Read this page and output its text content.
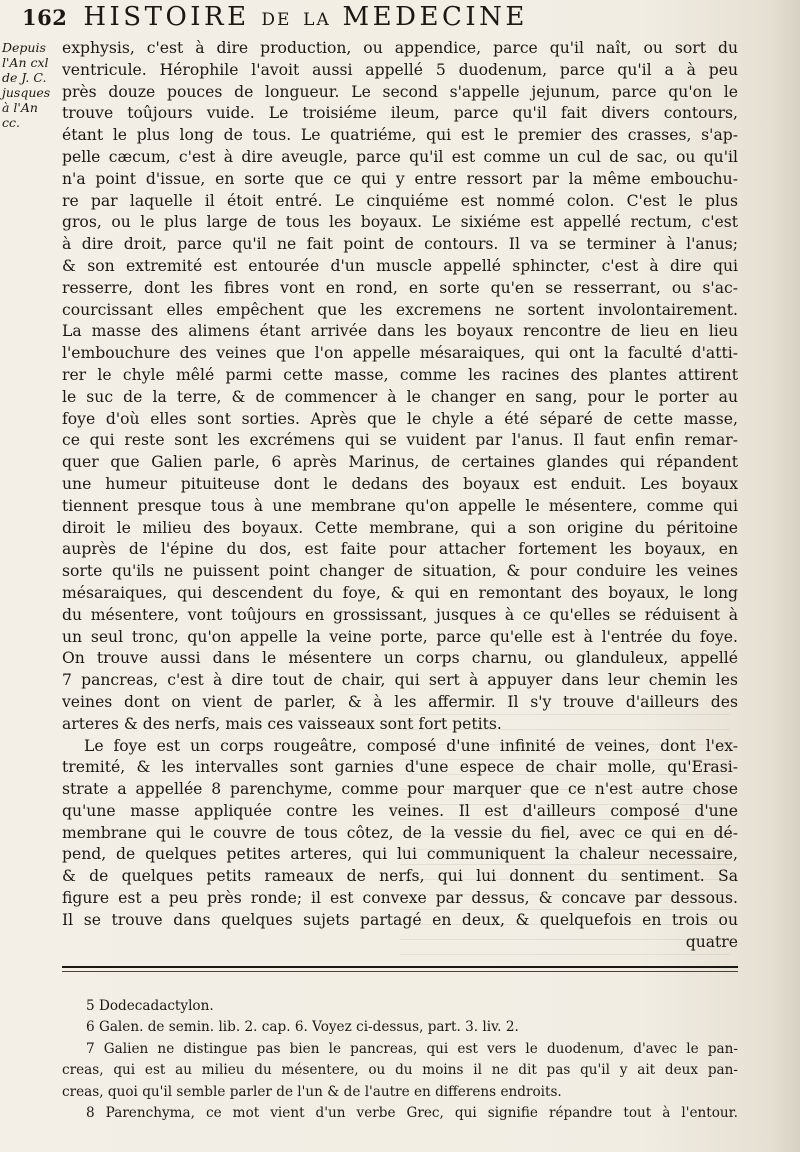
162 HISTOIRE DE LA MEDECINE
Depuis
l'An cxl
de J. C.
jusques
à l'An
cc.
exphysis, c'est à dire production, ou appendice, parce qu'il naît, ou sort du
ventricule. Hérophile l'avoit aussi appellé 5 duodenum, parce qu'il a à peu
près douze pouces de longueur. Le second s'appelle jejunum, parce qu'on le
trouve toûjours vuide. Le troisiéme ileum, parce qu'il fait divers contours,
étant le plus long de tous. Le quatriéme, qui est le premier des crasses, s'ap-
pelle cæcum, c'est à dire aveugle, parce qu'il est comme un cul de sac, ou qu'il
n'a point d'issue, en sorte que ce qui y entre ressort par la même embouchu-
re par laquelle il étoit entré. Le cinquiéme est nommé colon. C'est le plus
gros, ou le plus large de tous les boyaux. Le sixiéme est appellé rectum, c'est
à dire droit, parce qu'il ne fait point de contours. Il va se terminer à l'anus;
& son extremité est entourée d'un muscle appellé sphincter, c'est à dire qui
resserre, dont les fibres vont en rond, en sorte qu'en se resserrant, ou s'ac-
courcissant elles empêchent que les excremens ne sortent involontairement.
La masse des alimens étant arrivée dans les boyaux rencontre de lieu en lieu
l'embouchure des veines que l'on appelle mésaraiques, qui ont la faculté d'atti-
rer le chyle mêlé parmi cette masse, comme les racines des plantes attirent
le suc de la terre, & de commencer à le changer en sang, pour le porter au
foye d'où elles sont sorties. Après que le chyle a été séparé de cette masse,
ce qui reste sont les excrémens qui se vuident par l'anus. Il faut enfin remar-
quer que Galien parle, 6 après Marinus, de certaines glandes qui répandent
une humeur pituiteuse dont le dedans des boyaux est enduit. Les boyaux
tiennent presque tous à une membrane qu'on appelle le mésentere, comme qui
diroit le milieu des boyaux. Cette membrane, qui a son origine du péritoine
auprès de l'épine du dos, est faite pour attacher fortement les boyaux, en
sorte qu'ils ne puissent point changer de situation, & pour conduire les veines
mésaraiques, qui descendent du foye, & qui en remontant des boyaux, le long
du mésentere, vont toûjours en grossissant, jusques à ce qu'elles se réduisent à
un seul tronc, qu'on appelle la veine porte, parce qu'elle est à l'entrée du foye.
On trouve aussi dans le mésentere un corps charnu, ou glanduleux, appellé
7 pancreas, c'est à dire tout de chair, qui sert à appuyer dans leur chemin les
veines dont on vient de parler, & à les affermir. Il s'y trouve d'ailleurs des
arteres & des nerfs, mais ces vaisseaux sont fort petits.
Le foye est un corps rougeâtre, composé d'une infinité de veines, dont l'ex-
tremité, & les intervalles sont garnies d'une espece de chair molle, qu'Erasi-
strate a appellée 8 parenchyme, comme pour marquer que ce n'est autre chose
qu'une masse appliquée contre les veines. Il est d'ailleurs composé d'une
membrane qui le couvre de tous côtez, de la vessie du fiel, avec ce qui en dé-
pend, de quelques petites arteres, qui lui communiquent la chaleur necessaire,
& de quelques petits rameaux de nerfs, qui lui donnent du sentiment. Sa
figure est a peu près ronde; il est convexe par dessus, & concave par dessous.
Il se trouve dans quelques sujets partagé en deux, & quelquefois en trois ou
quatre
5 Dodecadactylon.
6 Galen. de semin. lib. 2. cap. 6. Voyez ci-dessus, part. 3. liv. 2.
7 Galien ne distingue pas bien le pancreas, qui est vers le duodenum, d'avec le pan-
creas, qui est au milieu du mésentere, ou du moins il ne dit pas qu'il y ait deux pan-
creas, quoi qu'il semble parler de l'un & de l'autre en differens endroits.
8 Parenchyma, ce mot vient d'un verbe Grec, qui signifie répandre tout à l'entour.
